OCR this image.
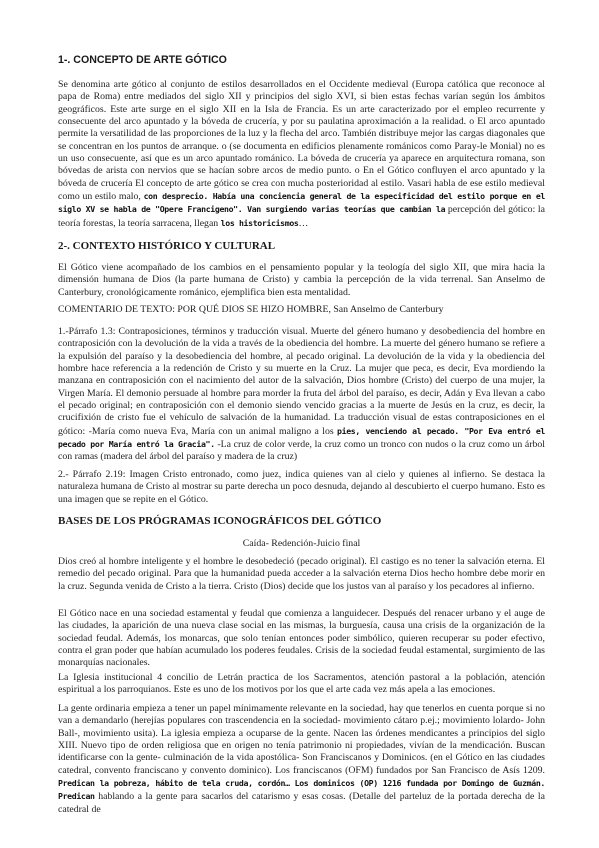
1-. CONCEPTO DE ARTE GÓTICO

Se denomina arte gótico al conjunto de estilos desarrollados en el Occidente medieval (Europa católica que reconoce al papa de Roma) entre mediados del siglo XII y principios del siglo XVI, si bien estas fechas varían según los ámbitos geográficos. Este arte surge en el siglo XII en la Isla de Francia. Es un arte caracterizado por el empleo recurrente y consecuente del arco apuntado y la bóveda de crucería, y por su paulatina aproximación a la realidad. o El arco apuntado permite la versatilidad de las proporciones de la luz y la flecha del arco. También distribuye mejor las cargas diagonales que se concentran en los puntos de arranque. o (se documenta en edificios plenamente románicos como Paray-le Monial) no es un uso consecuente, así que es un arco apuntado románico. La bóveda de crucería ya aparece en arquitectura romana, son bóvedas de arista con nervios que se hacían sobre arcos de medio punto. o En el Gótico confluyen el arco apuntado y la bóveda de crucería El concepto de arte gótico se crea con mucha posterioridad al estilo. Vasari habla de ese estilo medieval como un estilo malo, con desprecio. Había una conciencia general de la especificidad del estilo porque en el siglo XV se habla de "Opere Francigeno". Van surgiendo varias teorías que cambian la percepción del gótico: la teoría forestas, la teoría sarracena, llegan los historicismos…

2-. CONTEXTO HISTÓRICO Y CULTURAL

El Gótico viene acompañado de los cambios en el pensamiento popular y la teología del siglo XII, que mira hacia la dimensión humana de Dios (la parte humana de Cristo) y cambia la percepción de la vida terrenal. San Anselmo de Canterbury, cronológicamente románico, ejemplifica bien esta mentalidad.

COMENTARIO DE TEXTO: POR QUÉ DIOS SE HIZO HOMBRE, San Anselmo de Canterbury

1.-Párrafo 1.3: Contraposiciones, términos y traducción visual. Muerte del género humano y desobediencia del hombre en contraposición con la devolución de la vida a través de la obediencia del hombre. La muerte del género humano se refiere a la expulsión del paraíso y la desobediencia del hombre, al pecado original. La devolución de la vida y la obediencia del hombre hace referencia a la redención de Cristo y su muerte en la Cruz. La mujer que peca, es decir, Eva mordiendo la manzana en contraposición con el nacimiento del autor de la salvación, Dios hombre (Cristo) del cuerpo de una mujer, la Virgen María. El demonio persuade al hombre para morder la fruta del árbol del paraíso, es decir, Adán y Eva llevan a cabo el pecado original; en contraposición con el demonio siendo vencido gracias a la muerte de Jesús en la cruz, es decir, la crucifixión de cristo fue el vehículo de salvación de la humanidad. La traducción visual de estas contraposiciones en el gótico: -María como nueva Eva, María con un animal maligno a los pies, venciendo al pecado. "Por Eva entró el pecado por María entró la Gracia". -La cruz de color verde, la cruz como un tronco con nudos o la cruz como un árbol con ramas (madera del árbol del paraíso y madera de la cruz)

2.- Párrafo 2.19: Imagen Cristo entronado, como juez, indica quienes van al cielo y quienes al infierno. Se destaca la naturaleza humana de Cristo al mostrar su parte derecha un poco desnuda, dejando al descubierto el cuerpo humano. Esto es una imagen que se repite en el Gótico.

BASES DE LOS PRÓGRAMAS ICONOGRÁFICOS DEL GÓTICO

Caída- Redención-Juicio final

Dios creó al hombre inteligente y el hombre le desobedeció (pecado original). El castigo es no tener la salvación eterna. El remedio del pecado original. Para que la humanidad pueda acceder a la salvación eterna Dios hecho hombre debe morir en la cruz. Segunda venida de Cristo a la tierra. Cristo (Dios) decide que los justos van al paraíso y los pecadores al infierno.

El Gótico nace en una sociedad estamental y feudal que comienza a languidecer. Después del renacer urbano y el auge de las ciudades, la aparición de una nueva clase social en las mismas, la burguesía, causa una crisis de la organización de la sociedad feudal. Además, los monarcas, que solo tenían entonces poder simbólico, quieren recuperar su poder efectivo, contra el gran poder que habían acumulado los poderes feudales. Crisis de la sociedad feudal estamental, surgimiento de las monarquías nacionales.

La Iglesia institucional 4 concilio de Letrán practica de los Sacramentos, atención pastoral a la población, atención espiritual a los parroquianos. Este es uno de los motivos por los que el arte cada vez más apela a las emociones.

La gente ordinaria empieza a tener un papel mínimamente relevante en la sociedad, hay que tenerlos en cuenta porque si no van a demandarlo (herejías populares con trascendencia en la sociedad- movimiento cátaro p.ej.; movimiento lolardo- John Ball-, movimiento usita). La iglesia empieza a ocuparse de la gente. Nacen las órdenes mendicantes a principios del siglo XIII. Nuevo tipo de orden religiosa que en origen no tenía patrimonio ni propiedades, vivían de la mendicación. Buscan identificarse con la gente- culminación de la vida apostólica- Son Franciscanos y Dominicos. (en el Gótico en las ciudades catedral, convento franciscano y convento dominico). Los franciscanos (OFM) fundados por San Francisco de Asís 1209. Predican la pobreza, hábito de tela cruda, cordón… Los dominicos (OP) 1216 fundada por Domingo de Guzmán. Predican hablando a la gente para sacarlos del catarismo y esas cosas. (Detalle del parteluz de la portada derecha de la catedral de
